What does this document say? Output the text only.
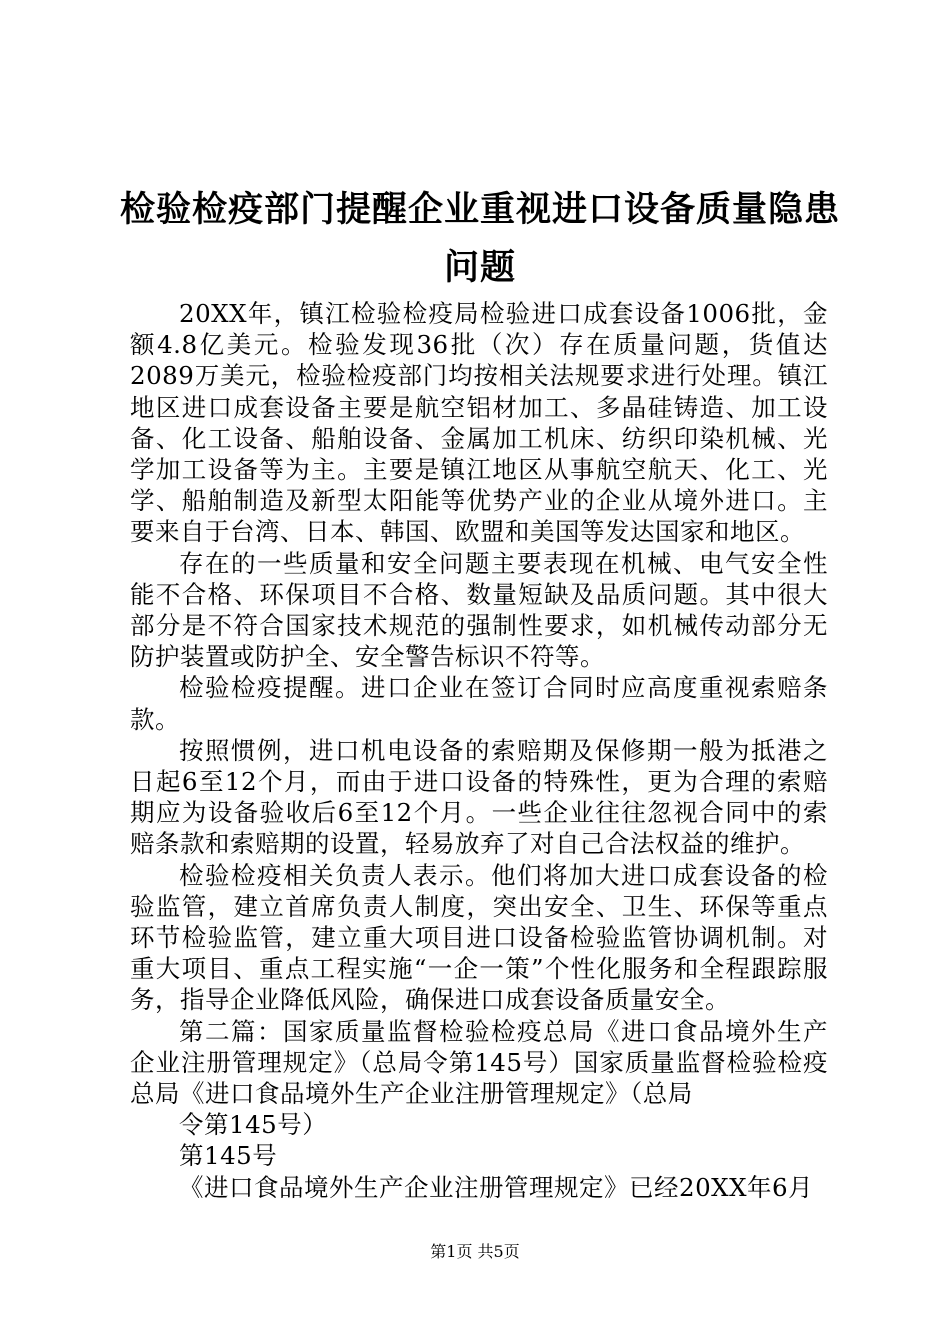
检验检疫部门提醒企业重视进口设备质量隐患问题

20XX年，镇江检验检疫局检验进口成套设备1006批，金额4.8亿美元。检验发现36批（次）存在质量问题，货值达2089万美元，检验检疫部门均按相关法规要求进行处理。镇江地区进口成套设备主要是航空铝材加工、多晶硅铸造、加工设备、化工设备、船舶设备、金属加工机床、纺织印染机械、光学加工设备等为主。主要是镇江地区从事航空航天、化工、光学、船舶制造及新型太阳能等优势产业的企业从境外进口。主要来自于台湾、日本、韩国、欧盟和美国等发达国家和地区。

存在的一些质量和安全问题主要表现在机械、电气安全性能不合格、环保项目不合格、数量短缺及品质问题。其中很大部分是不符合国家技术规范的强制性要求，如机械传动部分无防护装置或防护全、安全警告标识不符等。

检验检疫提醒。进口企业在签订合同时应高度重视索赔条款。

按照惯例，进口机电设备的索赔期及保修期一般为抵港之日起6至12个月，而由于进口设备的特殊性，更为合理的索赔期应为设备验收后6至12个月。一些企业往往忽视合同中的索赔条款和索赔期的设置，轻易放弃了对自己合法权益的维护。

检验检疫相关负责人表示。他们将加大进口成套设备的检验监管，建立首席负责人制度，突出安全、卫生、环保等重点环节检验监管，建立重大项目进口设备检验监管协调机制。对重大项目、重点工程实施“一企一策”个性化服务和全程跟踪服务，指导企业降低风险，确保进口成套设备质量安全。

第二篇：国家质量监督检验检疫总局《进口食品境外生产企业注册管理规定》（总局令第145号）国家质量监督检验检疫总局《进口食品境外生产企业注册管理规定》（总局

令第145号）

第145号

《进口食品境外生产企业注册管理规定》已经20XX年6月

第1页 共5页
